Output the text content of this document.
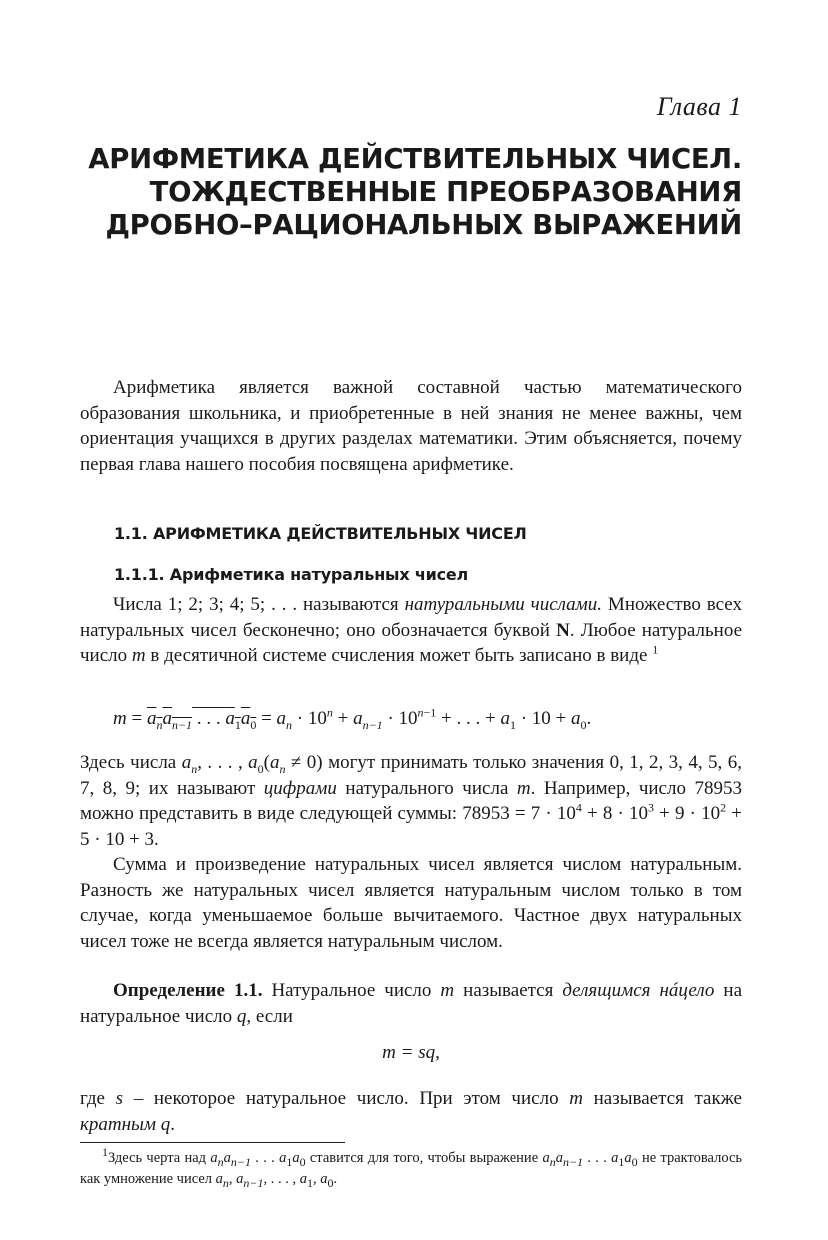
Глава 1
АРИФМЕТИКА ДЕЙСТВИТЕЛЬНЫХ ЧИСЕЛ.
ТОЖДЕСТВЕННЫЕ ПРЕОБРАЗОВАНИЯ
ДРОБНО–РАЦИОНАЛЬНЫХ ВЫРАЖЕНИЙ

Арифметика является важной составной частью математического образования школьника, и приобретенные в ней знания не менее важны, чем ориентация учащихся в других разделах математики. Этим объясняется, почему первая глава нашего пособия посвящена арифметике.

1.1. АРИФМЕТИКА ДЕЙСТВИТЕЛЬНЫХ ЧИСЕЛ
1.1.1. Арифметика натуральных чисел

Числа 1; 2; 3; 4; 5; . . . называются натуральными числами. Множество всех натуральных чисел бесконечно; оно обозначается буквой N. Любое натуральное число m в десятичной системе счисления может быть записано в виде $^1$

$m = a_na_{n-1}$ . . . $a_1a_0 = a_n \cdot 10^n + a_{n-1} \cdot 10^{n-1}$ + . . . + $a_1 \cdot 10 + a_0$.

Здесь числа $a_n$, . . . , $a_0(a_n \ne 0)$ могут принимать только значения 0, 1, 2, 3, 4, 5, 6, 7, 8, 9; их называют цифрами натурального числа m. Например, число 78953 можно представить в виде следующей суммы: $78953 = 7 \cdot 10^4 + 8 \cdot 10^3 + 9 \cdot 10^2 + 5 \cdot 10 + 3$.

Сумма и произведение натуральных чисел является числом натуральным. Разность же натуральных чисел является натуральным числом только в том случае, когда уменьшаемое больше вычитаемого. Частное двух натуральных чисел тоже не всегда является натуральным числом.

Определение 1.1. Натуральное число m называется делящимся нáцело на натуральное число q, если

m = sq,

где s – некоторое натуральное число. При этом число m называется также кратным q.

$^1$Здесь черта над $a_na_{n-1}$ . . . $a_1a_0$ ставится для того, чтобы выражение $a_na_{n-1}$ . . . $a_1a_0$ не трактовалось как умножение чисел $a_n$, $a_{n-1}$, . . . , $a_1$, $a_0$.
